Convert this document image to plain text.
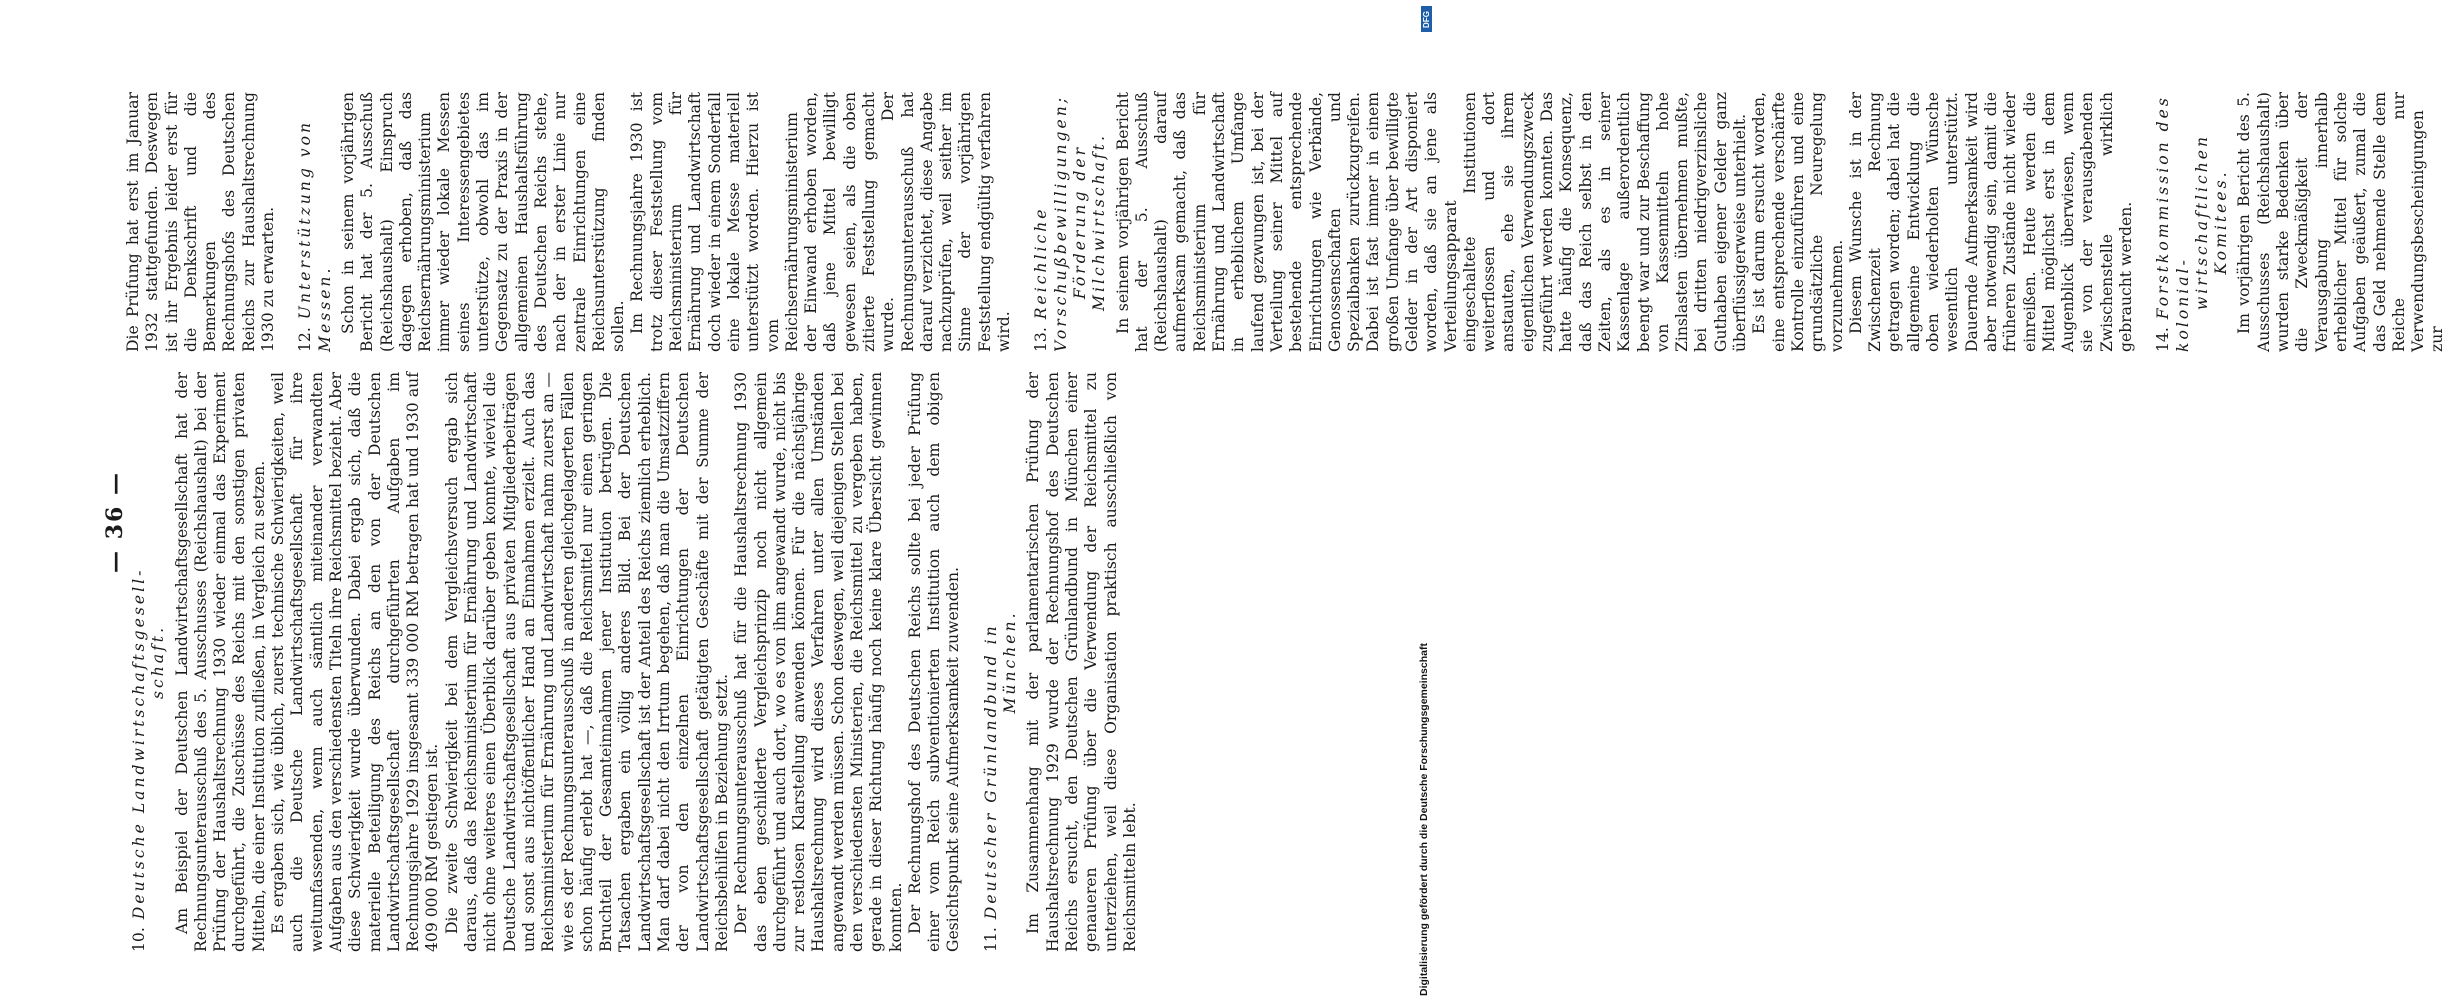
— 36 —
10.Deutsche Landwirtschaftsgesell- schaft. Am Beispiel der Deutschen Landwirtschaftsgesellschaft hat der Rechnungsunterausschuß des 5. Ausschusses (Reichshaushalt) bei der Prüfung der Haushaltsrechnung 1930 wieder einmal das Experiment durchgeführt, die Zuschüsse des Reichs mit den sonstigen privaten Mitteln, die einer Institution zufließen, in Vergleich zu setzen. Es ergaben sich, wie üblich, zuerst technische Schwierigkeiten, weil auch die Deutsche Landwirtschaftsgesellschaft für ihre weitumfassenden, wenn auch sämtlich miteinander verwandten Aufgaben aus den verschiedensten Titeln ihre Reichsmittel bezieht. Aber diese Schwierigkeit wurde überwunden. Dabei ergab sich, daß die materielle Beteiligung des Reichs an den von der Deutschen Landwirtschaftsgesellschaft durchgeführten Aufgaben im Rechnungsjahre 1929 insgesamt 339 000 RM betragen hat und 1930 auf 409 000 RM gestiegen ist. Die zweite Schwierigkeit bei dem Vergleichsversuch ergab sich daraus, daß das Reichsministerium für Ernährung und Landwirtschaft nicht ohne weiteres einen Überblick darüber geben konnte, wieviel die Deutsche Landwirtschaftsgesellschaft aus privaten Mitgliederbeiträgen und sonst aus nichtöffentlicher Hand an Einnahmen erzielt. Auch das Reichsministerium für Ernährung und Landwirtschaft nahm zuerst an — wie es der Rechnungsunterausschuß in anderen gleichgelagerten Fällen schon häufig erlebt hat —, daß die Reichsmittel nur einen geringen Bruchteil der Gesamteinnahmen jener Institution betrügen. Die Tatsachen ergaben ein völlig anderes Bild. Bei der Deutschen Landwirtschaftsgesellschaft ist der Anteil des Reichs ziemlich erheblich. Man darf dabei nicht den Irrtum begehen, daß man die Umsatzziffern der von den einzelnen Einrichtungen der Deutschen Landwirtschaftsgesellschaft getätigten Geschäfte mit der Summe der Reichsbeihilfen in Beziehung setzt. Der Rechnungsunterausschuß hat für die Haushaltsrechnung 1930 das eben geschilderte Vergleichsprinzip noch nicht allgemein durchgeführt und auch dort, wo es von ihm angewandt wurde, nicht bis zur restlosen Klarstellung anwenden können. Für die nächstjährige Haushaltsrechnung wird dieses Verfahren unter allen Umständen angewandt werden müssen. Schon deswegen, weil diejenigen Stellen bei den verschiedensten Ministerien, die Reichsmittel zu vergeben haben, gerade in dieser Richtung häufig noch keine klare Übersicht gewinnen konnten. Der Rechnungshof des Deutschen Reichs sollte bei jeder Prüfung einer vom Reich subventionierten Institution auch dem obigen Gesichtspunkt seine Aufmerksamkeit zuwenden. 11.Deutscher Grünlandbund in München. Im Zusammenhang mit der parlamentarischen Prüfung der Haushaltsrechnung 1929 wurde der Rechnungshof des Deutschen Reichs ersucht, den Deutschen Grünlandbund in München einer genaueren Prüfung über die Verwendung der Reichsmittel zu unterziehen, weil diese Organisation praktisch ausschließlich von Reichsmitteln lebt.

Die Prüfung hat erst im Januar 1932 stattgefunden. Deswegen ist ihr Ergebnis leider erst für die Denkschrift und die Bemerkungen des Rechnungshofs des Deutschen Reichs zur Haushaltsrechnung 1930 zu erwarten. 12.Unterstützung von Messen. Schon in seinem vorjährigen Bericht hat der 5. Ausschuß (Reichshaushalt) Einspruch dagegen erhoben, daß das Reichsernährungsministerium immer wieder lokale Messen seines Interessengebietes unterstütze, obwohl das im Gegensatz zu der Praxis in der allgemeinen Haushaltsführung des Deutschen Reichs stehe, nach der in erster Linie nur zentrale Einrichtungen eine Reichsunterstützung finden sollen. Im Rechnungsjahre 1930 ist trotz dieser Feststellung vom Reichsministerium für Ernährung und Landwirtschaft doch wieder in einem Sonderfall eine lokale Messe materiell unterstützt worden. Hierzu ist vom Reichsernährungsministerium der Einwand erhoben worden, daß jene Mittel bewilligt gewesen seien, als die oben zitierte Feststellung gemacht wurde. Der Rechnungsunterausschuß hat darauf verzichtet, diese Angabe nachzuprüfen, weil seither im Sinne der vorjährigen Feststellung endgültig verfahren wird. 13.Reichliche Vorschußbewilligungen; Förderung der Milchwirtschaft. In seinem vorjährigen Bericht hat der 5. Ausschuß (Reichshaushalt) darauf aufmerksam gemacht, daß das Reichsministerium für Ernährung und Landwirtschaft in erheblichem Umfange laufend gezwungen ist, bei der Verteilung seiner Mittel auf bestehende entsprechende Einrichtungen wie Verbände, Genossenschaften und Spezialbanken zurückzugreifen. Dabei ist fast immer in einem großen Umfange über bewilligte Gelder in der Art disponiert worden, daß sie an jene als Verteilungsapparat eingeschaltete Institutionen weiterflossen und dort anstauten, ehe sie ihrem eigentlichen Verwendungszweck zugeführt werden konnten. Das hatte häufig die Konsequenz, daß das Reich selbst in den Zeiten, als es in seiner Kassenlage außerordentlich beengt war und zur Beschaffung von Kassenmitteln hohe Zinslasten übernehmen mußte, bei dritten niedrigverzinsliche Guthaben eigener Gelder ganz überflüssigerweise unterhielt. Es ist darum ersucht worden, eine entsprechende verschärfte Kontrolle einzuführen und eine grundsätzliche Neuregelung vorzunehmen. Diesem Wunsche ist in der Zwischenzeit Rechnung getragen worden; dabei hat die allgemeine Entwicklung die oben wiederholten Wünsche wesentlich unterstützt. Dauernde Aufmerksamkeit wird aber notwendig sein, damit die früheren Zustände nicht wieder einreißen. Heute werden die Mittel möglichst erst in dem Augenblick überwiesen, wenn sie von der verausgabenden Zwischenstelle wirklich gebraucht werden. 14.Forstkommission des kolonial- wirtschaftlichen Komitees. Im vorjährigen Bericht des 5. Ausschusses (Reichshaushalt) wurden starke Bedenken über die Zweckmäßigkeit der Verausgabung innerhalb erheblicher Mittel für solche Aufgaben geäußert, zumal die das Geld nehmende Stelle dem Reiche nur Verwendungsbescheinigungen zur

Digitalisierung gefördert durch die Deutsche Forschungsgemeinschaft
DFG
